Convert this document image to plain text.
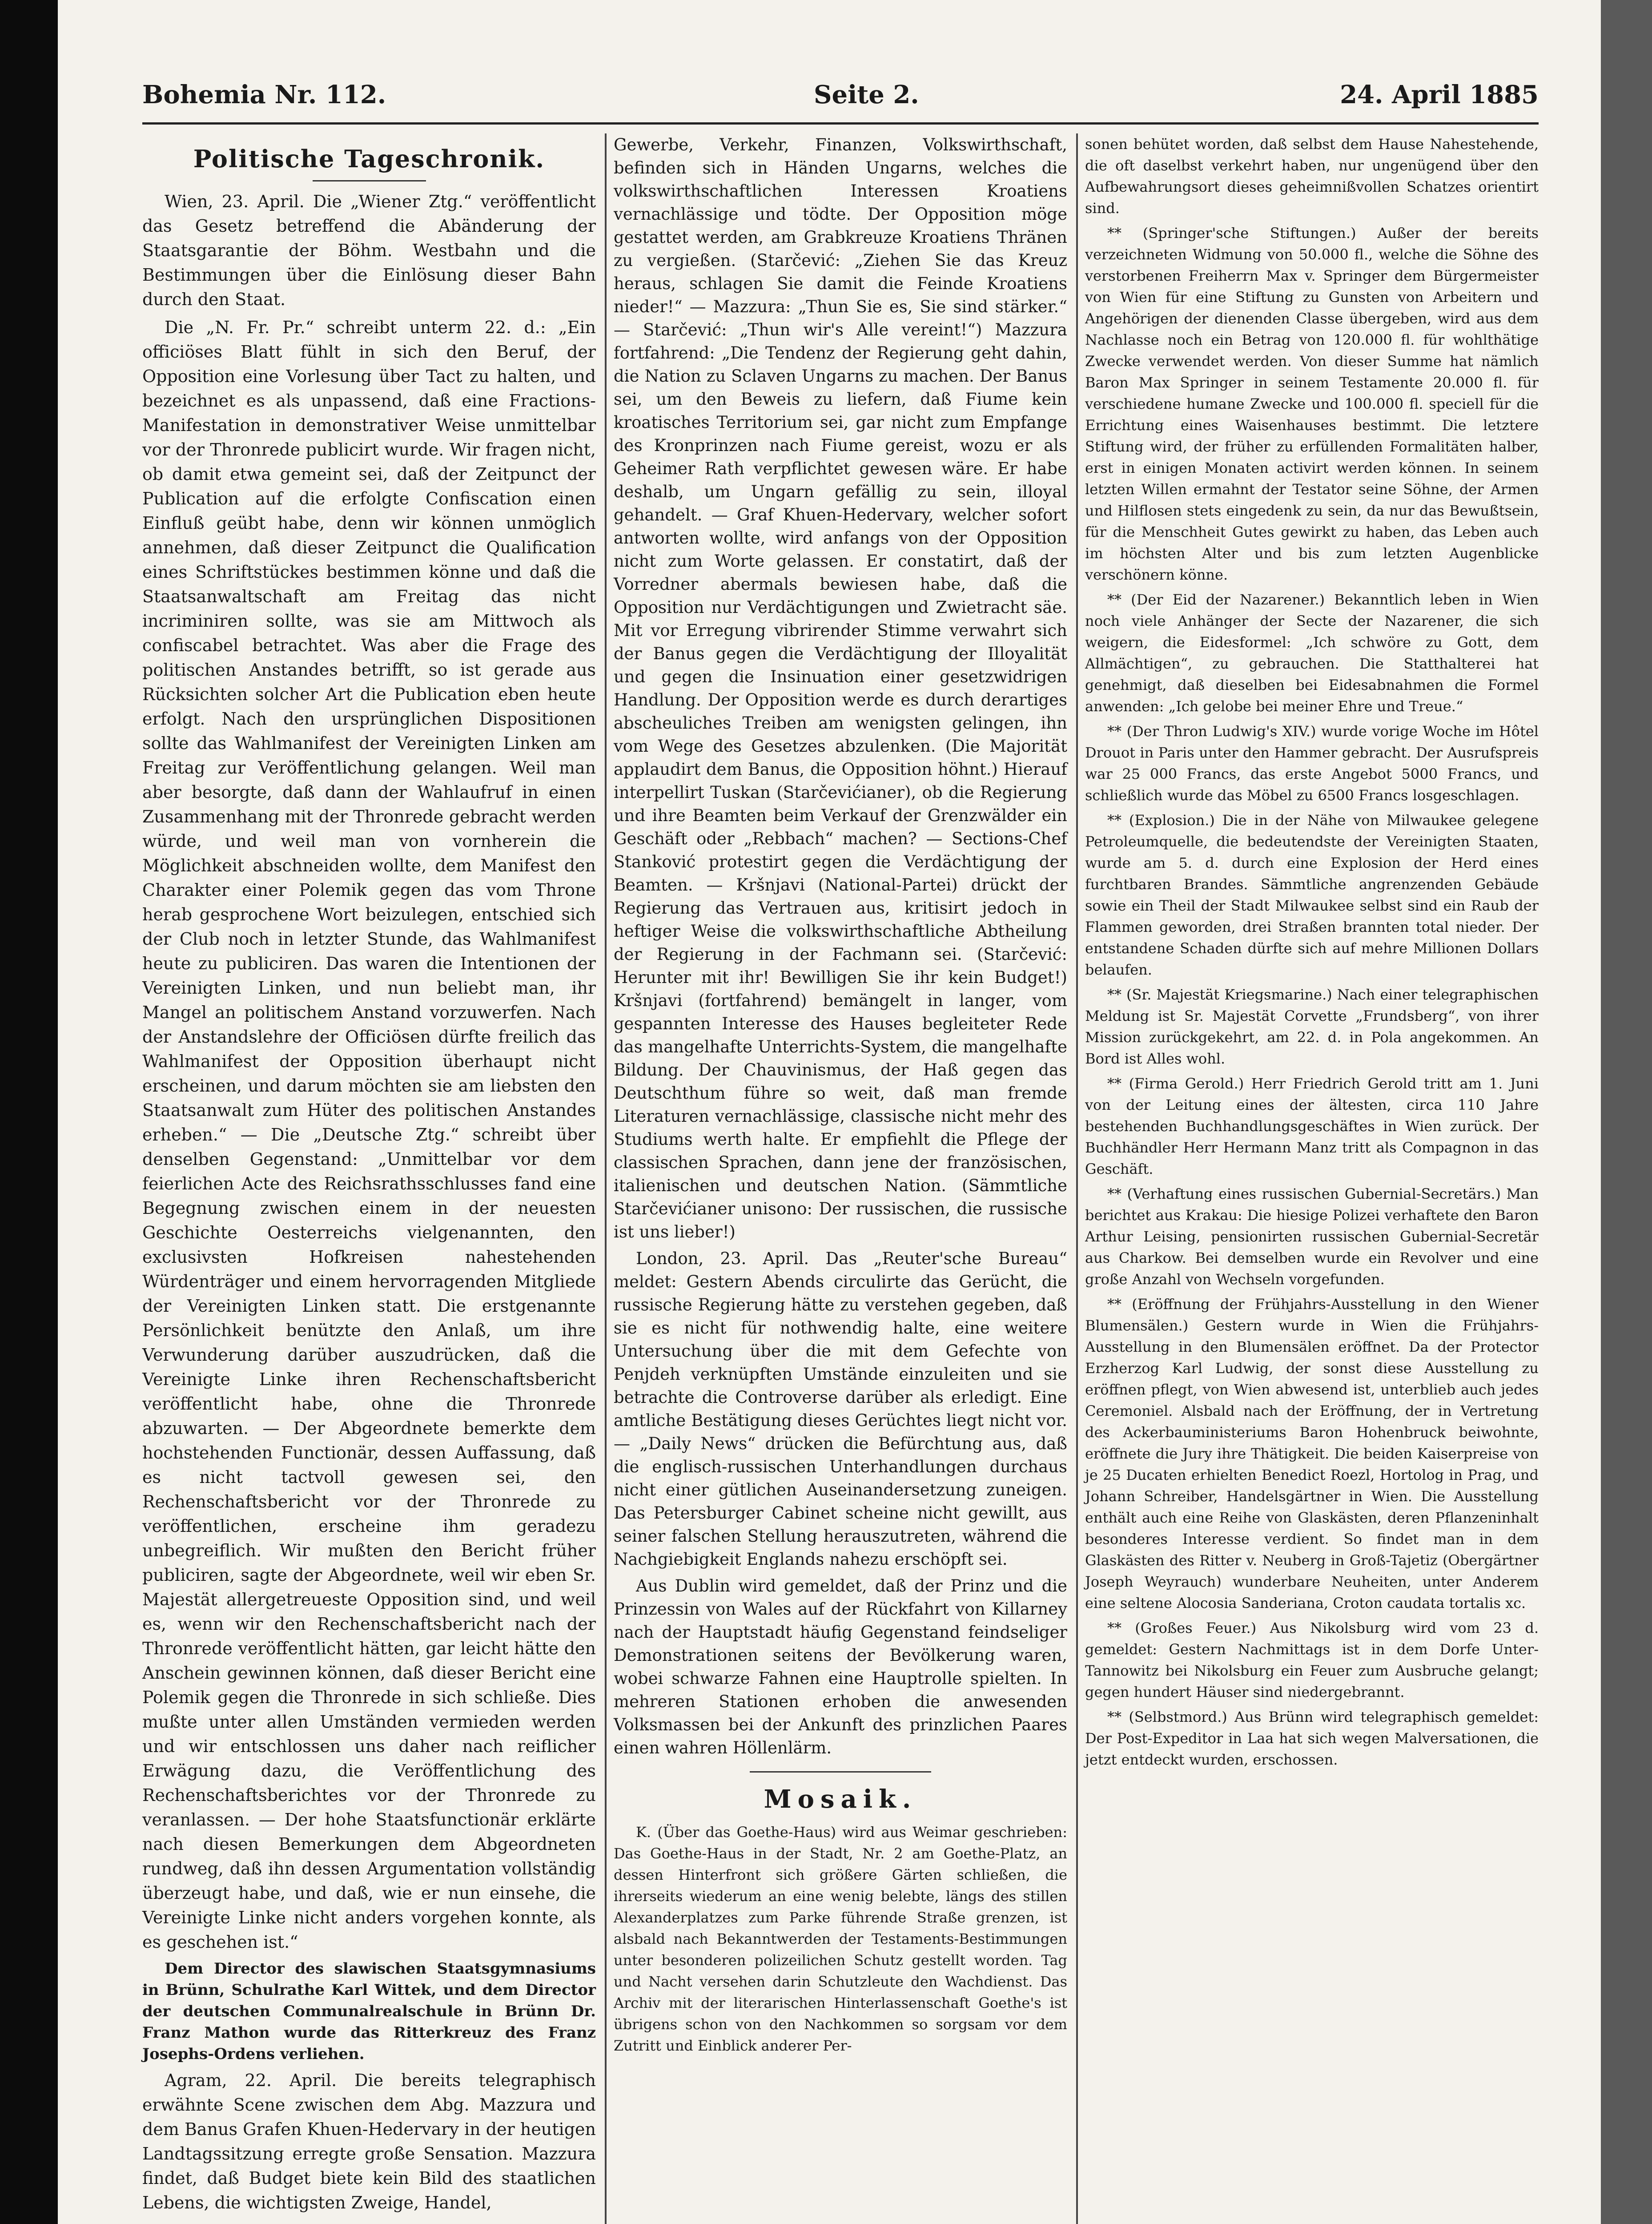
Bohemia Nr. 112.	Seite 2.	24. April 1885
Politische Tageschronik.

Wien, 23. April. Die „Wiener Ztg.“ veröffentlicht das Gesetz betreffend die Abänderung der Staatsgarantie der Böhm. Westbahn und die Bestimmungen über die Einlösung dieser Bahn durch den Staat.

Die „N. Fr. Pr.“ schreibt unterm 22. d.: „Ein officiöses Blatt fühlt in sich den Beruf, der Opposition eine Vorlesung über Tact zu halten, und bezeichnet es als unpassend, daß eine Fractions-Manifestation in demonstrativer Weise unmittelbar vor der Thronrede publicirt wurde. Wir fragen nicht, ob damit etwa gemeint sei, daß der Zeitpunct der Publication auf die erfolgte Confiscation einen Einfluß geübt habe, denn wir können unmöglich annehmen, daß dieser Zeitpunct die Qualification eines Schriftstückes bestimmen könne und daß die Staatsanwaltschaft am Freitag das nicht incriminiren sollte, was sie am Mittwoch als confiscabel betrachtet. Was aber die Frage des politischen Anstandes betrifft, so ist gerade aus Rücksichten solcher Art die Publication eben heute erfolgt. Nach den ursprünglichen Dispositionen sollte das Wahlmanifest der Vereinigten Linken am Freitag zur Veröffentlichung gelangen. Weil man aber besorgte, daß dann der Wahlaufruf in einen Zusammenhang mit der Thronrede gebracht werden würde, und weil man von vornherein die Möglichkeit abschneiden wollte, dem Manifest den Charakter einer Polemik gegen das vom Throne herab gesprochene Wort beizulegen, entschied sich der Club noch in letzter Stunde, das Wahlmanifest heute zu publiciren. Das waren die Intentionen der Vereinigten Linken, und nun beliebt man, ihr Mangel an politischem Anstand vorzuwerfen. Nach der Anstandslehre der Officiösen dürfte freilich das Wahlmanifest der Opposition überhaupt nicht erscheinen, und darum möchten sie am liebsten den Staatsanwalt zum Hüter des politischen Anstandes erheben.“ — Die „Deutsche Ztg.“ schreibt über denselben Gegenstand: „Unmittelbar vor dem feierlichen Acte des Reichsrathsschlusses fand eine Begegnung zwischen einem in der neuesten Geschichte Oesterreichs vielgenannten, den exclusivsten Hofkreisen nahestehenden Würdenträger und einem hervorragenden Mitgliede der Vereinigten Linken statt. Die erstgenannte Persönlichkeit benützte den Anlaß, um ihre Verwunderung darüber auszudrücken, daß die Vereinigte Linke ihren Rechenschaftsbericht veröffentlicht habe, ohne die Thronrede abzuwarten. — Der Abgeordnete bemerkte dem hochstehenden Functionär, dessen Auffassung, daß es nicht tactvoll gewesen sei, den Rechenschaftsbericht vor der Thronrede zu veröffentlichen, erscheine ihm geradezu unbegreiflich. Wir mußten den Bericht früher publiciren, sagte der Abgeordnete, weil wir eben Sr. Majestät allergetreueste Opposition sind, und weil es, wenn wir den Rechenschaftsbericht nach der Thronrede veröffentlicht hätten, gar leicht hätte den Anschein gewinnen können, daß dieser Bericht eine Polemik gegen die Thronrede in sich schließe. Dies mußte unter allen Umständen vermieden werden und wir entschlossen uns daher nach reiflicher Erwägung dazu, die Veröffentlichung des Rechenschaftsberichtes vor der Thronrede zu veranlassen. — Der hohe Staatsfunctionär erklärte nach diesen Bemerkungen dem Abgeordneten rundweg, daß ihn dessen Argumentation vollständig überzeugt habe, und daß, wie er nun einsehe, die Vereinigte Linke nicht anders vorgehen konnte, als es geschehen ist.“

Dem Director des slawischen Staatsgymnasiums in Brünn, Schulrathe Karl Wittek, und dem Director der deutschen Communalrealschule in Brünn Dr. Franz Mathon wurde das Ritterkreuz des Franz Josephs-Ordens verliehen.

Agram, 22. April. Die bereits telegraphisch erwähnte Scene zwischen dem Abg. Mazzura und dem Banus Grafen Khuen-Hedervary in der heutigen Landtagssitzung erregte große Sensation. Mazzura findet, daß Budget biete kein Bild des staatlichen Lebens, die wichtigsten Zweige, Handel,

Gewerbe, Verkehr, Finanzen, Volkswirthschaft, befinden sich in Händen Ungarns, welches die volkswirthschaftlichen Interessen Kroatiens vernachlässige und tödte. Der Opposition möge gestattet werden, am Grabkreuze Kroatiens Thränen zu vergießen. (Starčević: „Ziehen Sie das Kreuz heraus, schlagen Sie damit die Feinde Kroatiens nieder!“ — Mazzura: „Thun Sie es, Sie sind stärker.“ — Starčević: „Thun wir's Alle vereint!“) Mazzura fortfahrend: „Die Tendenz der Regierung geht dahin, die Nation zu Sclaven Ungarns zu machen. Der Banus sei, um den Beweis zu liefern, daß Fiume kein kroatisches Territorium sei, gar nicht zum Empfange des Kronprinzen nach Fiume gereist, wozu er als Geheimer Rath verpflichtet gewesen wäre. Er habe deshalb, um Ungarn gefällig zu sein, illoyal gehandelt. — Graf Khuen-Hedervary, welcher sofort antworten wollte, wird anfangs von der Opposition nicht zum Worte gelassen. Er constatirt, daß der Vorredner abermals bewiesen habe, daß die Opposition nur Verdächtigungen und Zwietracht säe. Mit vor Erregung vibrirender Stimme verwahrt sich der Banus gegen die Verdächtigung der Illoyalität und gegen die Insinuation einer gesetzwidrigen Handlung. Der Opposition werde es durch derartiges abscheuliches Treiben am wenigsten gelingen, ihn vom Wege des Gesetzes abzulenken. (Die Majorität applaudirt dem Banus, die Opposition höhnt.) Hierauf interpellirt Tuskan (Starčevićianer), ob die Regierung und ihre Beamten beim Verkauf der Grenzwälder ein Geschäft oder „Rebbach“ machen? — Sections-Chef Stanković protestirt gegen die Verdächtigung der Beamten. — Kršnjavi (National-Partei) drückt der Regierung das Vertrauen aus, kritisirt jedoch in heftiger Weise die volkswirthschaftliche Abtheilung der Regierung in der Fachmann sei. (Starčević: Herunter mit ihr! Bewilligen Sie ihr kein Budget!) Kršnjavi (fortfahrend) bemängelt in langer, vom gespannten Interesse des Hauses begleiteter Rede das mangelhafte Unterrichts-System, die mangelhafte Bildung. Der Chauvinismus, der Haß gegen das Deutschthum führe so weit, daß man fremde Literaturen vernachlässige, classische nicht mehr des Studiums werth halte. Er empfiehlt die Pflege der classischen Sprachen, dann jene der französischen, italienischen und deutschen Nation. (Sämmtliche Starčevićianer unisono: Der russischen, die russische ist uns lieber!)

London, 23. April. Das „Reuter'sche Bureau“ meldet: Gestern Abends circulirte das Gerücht, die russische Regierung hätte zu verstehen gegeben, daß sie es nicht für nothwendig halte, eine weitere Untersuchung über die mit dem Gefechte von Penjdeh verknüpften Umstände einzuleiten und sie betrachte die Controverse darüber als erledigt. Eine amtliche Bestätigung dieses Gerüchtes liegt nicht vor. — „Daily News“ drücken die Befürchtung aus, daß die englisch-russischen Unterhandlungen durchaus nicht einer gütlichen Auseinandersetzung zuneigen. Das Petersburger Cabinet scheine nicht gewillt, aus seiner falschen Stellung herauszutreten, während die Nachgiebigkeit Englands nahezu erschöpft sei.

Aus Dublin wird gemeldet, daß der Prinz und die Prinzessin von Wales auf der Rückfahrt von Killarney nach der Hauptstadt häufig Gegenstand feindseliger Demonstrationen seitens der Bevölkerung waren, wobei schwarze Fahnen eine Hauptrolle spielten. In mehreren Stationen erhoben die anwesenden Volksmassen bei der Ankunft des prinzlichen Paares einen wahren Höllenlärm.

Mosaik.

K. (Über das Goethe-Haus) wird aus Weimar geschrieben: Das Goethe-Haus in der Stadt, Nr. 2 am Goethe-Platz, an dessen Hinterfront sich größere Gärten schließen, die ihrerseits wiederum an eine wenig belebte, längs des stillen Alexanderplatzes zum Parke führende Straße grenzen, ist alsbald nach Bekanntwerden der Testaments-Bestimmungen unter besonderen polizeilichen Schutz gestellt worden. Tag und Nacht versehen darin Schutzleute den Wachdienst. Das Archiv mit der literarischen Hinterlassenschaft Goethe's ist übrigens schon von den Nachkommen so sorgsam vor dem Zutritt und Einblick anderer Per-

sonen behütet worden, daß selbst dem Hause Nahestehende, die oft daselbst verkehrt haben, nur ungenügend über den Aufbewahrungsort dieses geheimnißvollen Schatzes orientirt sind.

** (Springer'sche Stiftungen.) Außer der bereits verzeichneten Widmung von 50.000 fl., welche die Söhne des verstorbenen Freiherrn Max v. Springer dem Bürgermeister von Wien für eine Stiftung zu Gunsten von Arbeitern und Angehörigen der dienenden Classe übergeben, wird aus dem Nachlasse noch ein Betrag von 120.000 fl. für wohlthätige Zwecke verwendet werden. Von dieser Summe hat nämlich Baron Max Springer in seinem Testamente 20.000 fl. für verschiedene humane Zwecke und 100.000 fl. speciell für die Errichtung eines Waisenhauses bestimmt. Die letztere Stiftung wird, der früher zu erfüllenden Formalitäten halber, erst in einigen Monaten activirt werden können. In seinem letzten Willen ermahnt der Testator seine Söhne, der Armen und Hilflosen stets eingedenk zu sein, da nur das Bewußtsein, für die Menschheit Gutes gewirkt zu haben, das Leben auch im höchsten Alter und bis zum letzten Augenblicke verschönern könne.

** (Der Eid der Nazarener.) Bekanntlich leben in Wien noch viele Anhänger der Secte der Nazarener, die sich weigern, die Eidesformel: „Ich schwöre zu Gott, dem Allmächtigen“, zu gebrauchen. Die Statthalterei hat genehmigt, daß dieselben bei Eidesabnahmen die Formel anwenden: „Ich gelobe bei meiner Ehre und Treue.“

** (Der Thron Ludwig's XIV.) wurde vorige Woche im Hôtel Drouot in Paris unter den Hammer gebracht. Der Ausrufspreis war 25 000 Francs, das erste Angebot 5000 Francs, und schließlich wurde das Möbel zu 6500 Francs losgeschlagen.

** (Explosion.) Die in der Nähe von Milwaukee gelegene Petroleumquelle, die bedeutendste der Vereinigten Staaten, wurde am 5. d. durch eine Explosion der Herd eines furchtbaren Brandes. Sämmtliche angrenzenden Gebäude sowie ein Theil der Stadt Milwaukee selbst sind ein Raub der Flammen geworden, drei Straßen brannten total nieder. Der entstandene Schaden dürfte sich auf mehre Millionen Dollars belaufen.

** (Sr. Majestät Kriegsmarine.) Nach einer telegraphischen Meldung ist Sr. Majestät Corvette „Frundsberg“, von ihrer Mission zurückgekehrt, am 22. d. in Pola angekommen. An Bord ist Alles wohl.

** (Firma Gerold.) Herr Friedrich Gerold tritt am 1. Juni von der Leitung eines der ältesten, circa 110 Jahre bestehenden Buchhandlungsgeschäftes in Wien zurück. Der Buchhändler Herr Hermann Manz tritt als Compagnon in das Geschäft.

** (Verhaftung eines russischen Gubernial-Secretärs.) Man berichtet aus Krakau: Die hiesige Polizei verhaftete den Baron Arthur Leising, pensionirten russischen Gubernial-Secretär aus Charkow. Bei demselben wurde ein Revolver und eine große Anzahl von Wechseln vorgefunden.

** (Eröffnung der Frühjahrs-Ausstellung in den Wiener Blumensälen.) Gestern wurde in Wien die Frühjahrs-Ausstellung in den Blumensälen eröffnet. Da der Protector Erzherzog Karl Ludwig, der sonst diese Ausstellung zu eröffnen pflegt, von Wien abwesend ist, unterblieb auch jedes Ceremoniel. Alsbald nach der Eröffnung, der in Vertretung des Ackerbauministeriums Baron Hohenbruck beiwohnte, eröffnete die Jury ihre Thätigkeit. Die beiden Kaiserpreise von je 25 Ducaten erhielten Benedict Roezl, Hortolog in Prag, und Johann Schreiber, Handelsgärtner in Wien. Die Ausstellung enthält auch eine Reihe von Glaskästen, deren Pflanzeninhalt besonderes Interesse verdient. So findet man in dem Glaskästen des Ritter v. Neuberg in Groß-Tajetiz (Obergärtner Joseph Weyrauch) wunderbare Neuheiten, unter Anderem eine seltene Alocosia Sanderiana, Croton caudata tortalis xc.

** (Großes Feuer.) Aus Nikolsburg wird vom 23 d. gemeldet: Gestern Nachmittags ist in dem Dorfe Unter-Tannowitz bei Nikolsburg ein Feuer zum Ausbruche gelangt; gegen hundert Häuser sind niedergebrannt.

** (Selbstmord.) Aus Brünn wird telegraphisch gemeldet: Der Post-Expeditor in Laa hat sich wegen Malversationen, die jetzt entdeckt wurden, erschossen.
